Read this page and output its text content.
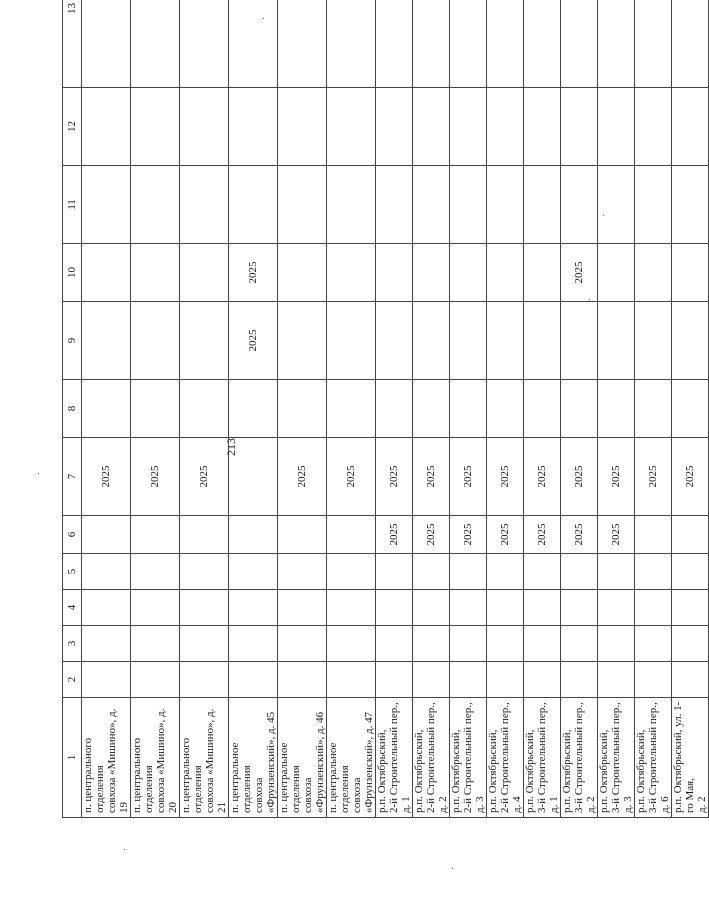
213
1	2	3	4	5	6	7	8	9	10	11	12	13

п. центрального отделения совхоза «Мишино», д. 19						2025						

п. центрального отделения совхоза «Мишино», д. 20						2025						

п. центрального отделения совхоза «Мишино», д. 21						2025						

п. центральное отделения совхоза «Фрунзенский», д. 45								2025	2025			

п. центральное отделения совхоза «Фрунзенский», д. 46						2025						

п. центральное отделения совхоза «Фрунзенский», д. 47						2025						

р.п. Октябрьский, 2-й Строительный пер., д. 1					2025	2025						

р.п. Октябрьский, 2-й Строительный пер., д. 2					2025	2025						

р.п. Октябрьский, 2-й Строительный пер., д. 3					2025	2025						

р.п. Октябрьский, 2-й Строительный пер., д. 4					2025	2025						

р.п. Октябрьский, 3-й Строительный пер., д. 1					2025	2025						

р.п. Октябрьский, 3-й Строительный пер., д. 2					2025	2025			2025			

р.п. Октябрьский, 3-й Строительный пер., д. 3					2025	2025						

р.п. Октябрьский, 3-й Строительный пер., д. 6						2025						

р.п. Октябрьский, ул. 1-го Мая, д. 2						2025						
